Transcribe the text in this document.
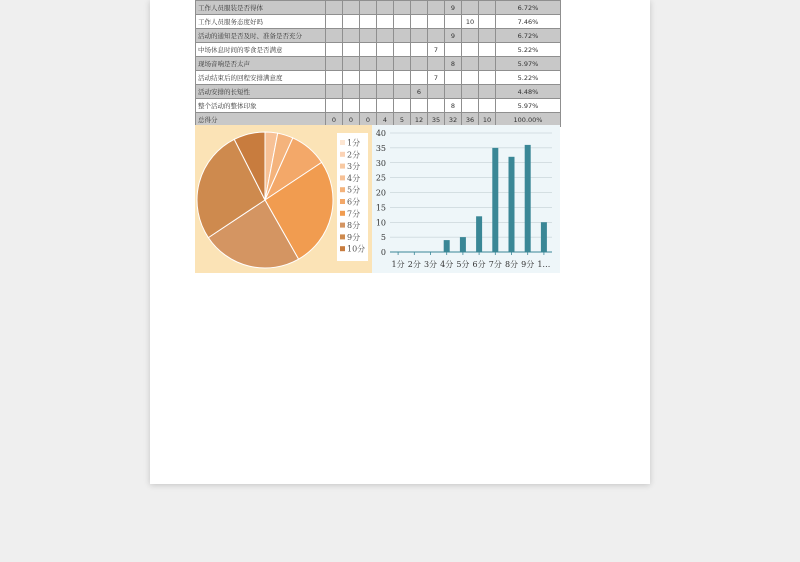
工作人员服装是否得体								9			6.72%
工作人员服务态度好吗									10		7.46%
活动的通知是否及时、准备是否充分								9			6.72%
中场休息时间的零食是否满意							7				5.22%
现场音响是否太声								8			5.97%
活动结束后的回程安排满意度							7				5.22%
活动安排的长短性						6					4.48%
整个活动的整体印象								8			5.97%
总得分	0	0	0	4	5	12	35	32	36	10	100.00%
1分
2分
3分
4分
5分
6分
7分
8分
9分
10分 0
5
10
15
20
25
30
35
40
1分 2分 3分 4分 5分 6分 7分 8分 9分 1…
